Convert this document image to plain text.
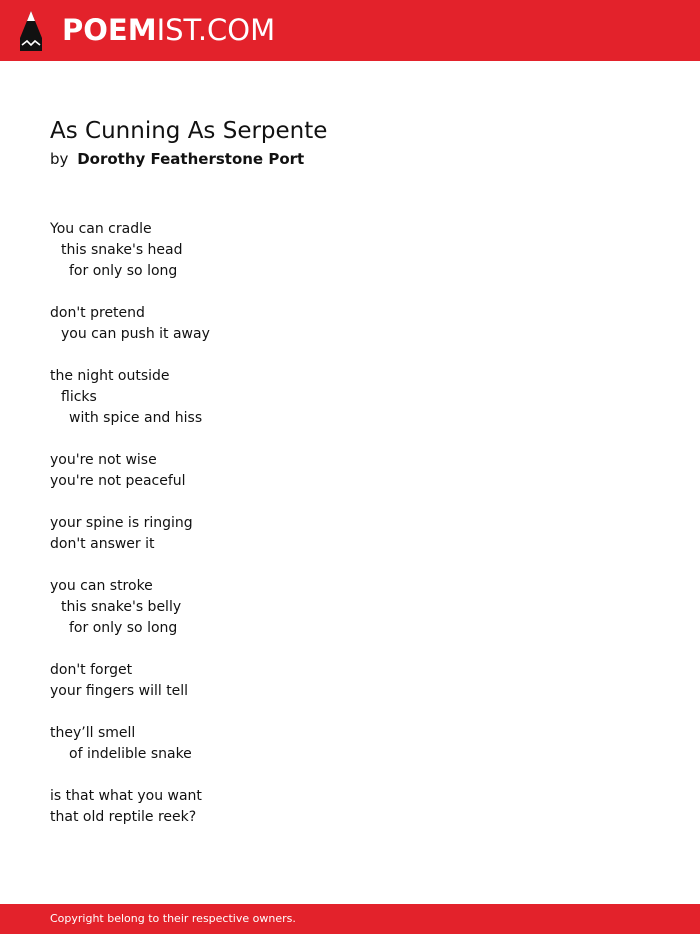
POEMIST.COM
As Cunning As Serpente
by Dorothy Featherstone Port
You can cradle
this snake's head
for only so long
don't pretend
you can push it away
the night outside
flicks
with spice and hiss
you're not wise
you're not peaceful
your spine is ringing
don't answer it
you can stroke
this snake's belly
for only so long
don't forget
your fingers will tell
they’ll smell
of indelible snake
is that what you want
that old reptile reek?
Copyright belong to their respective owners.
